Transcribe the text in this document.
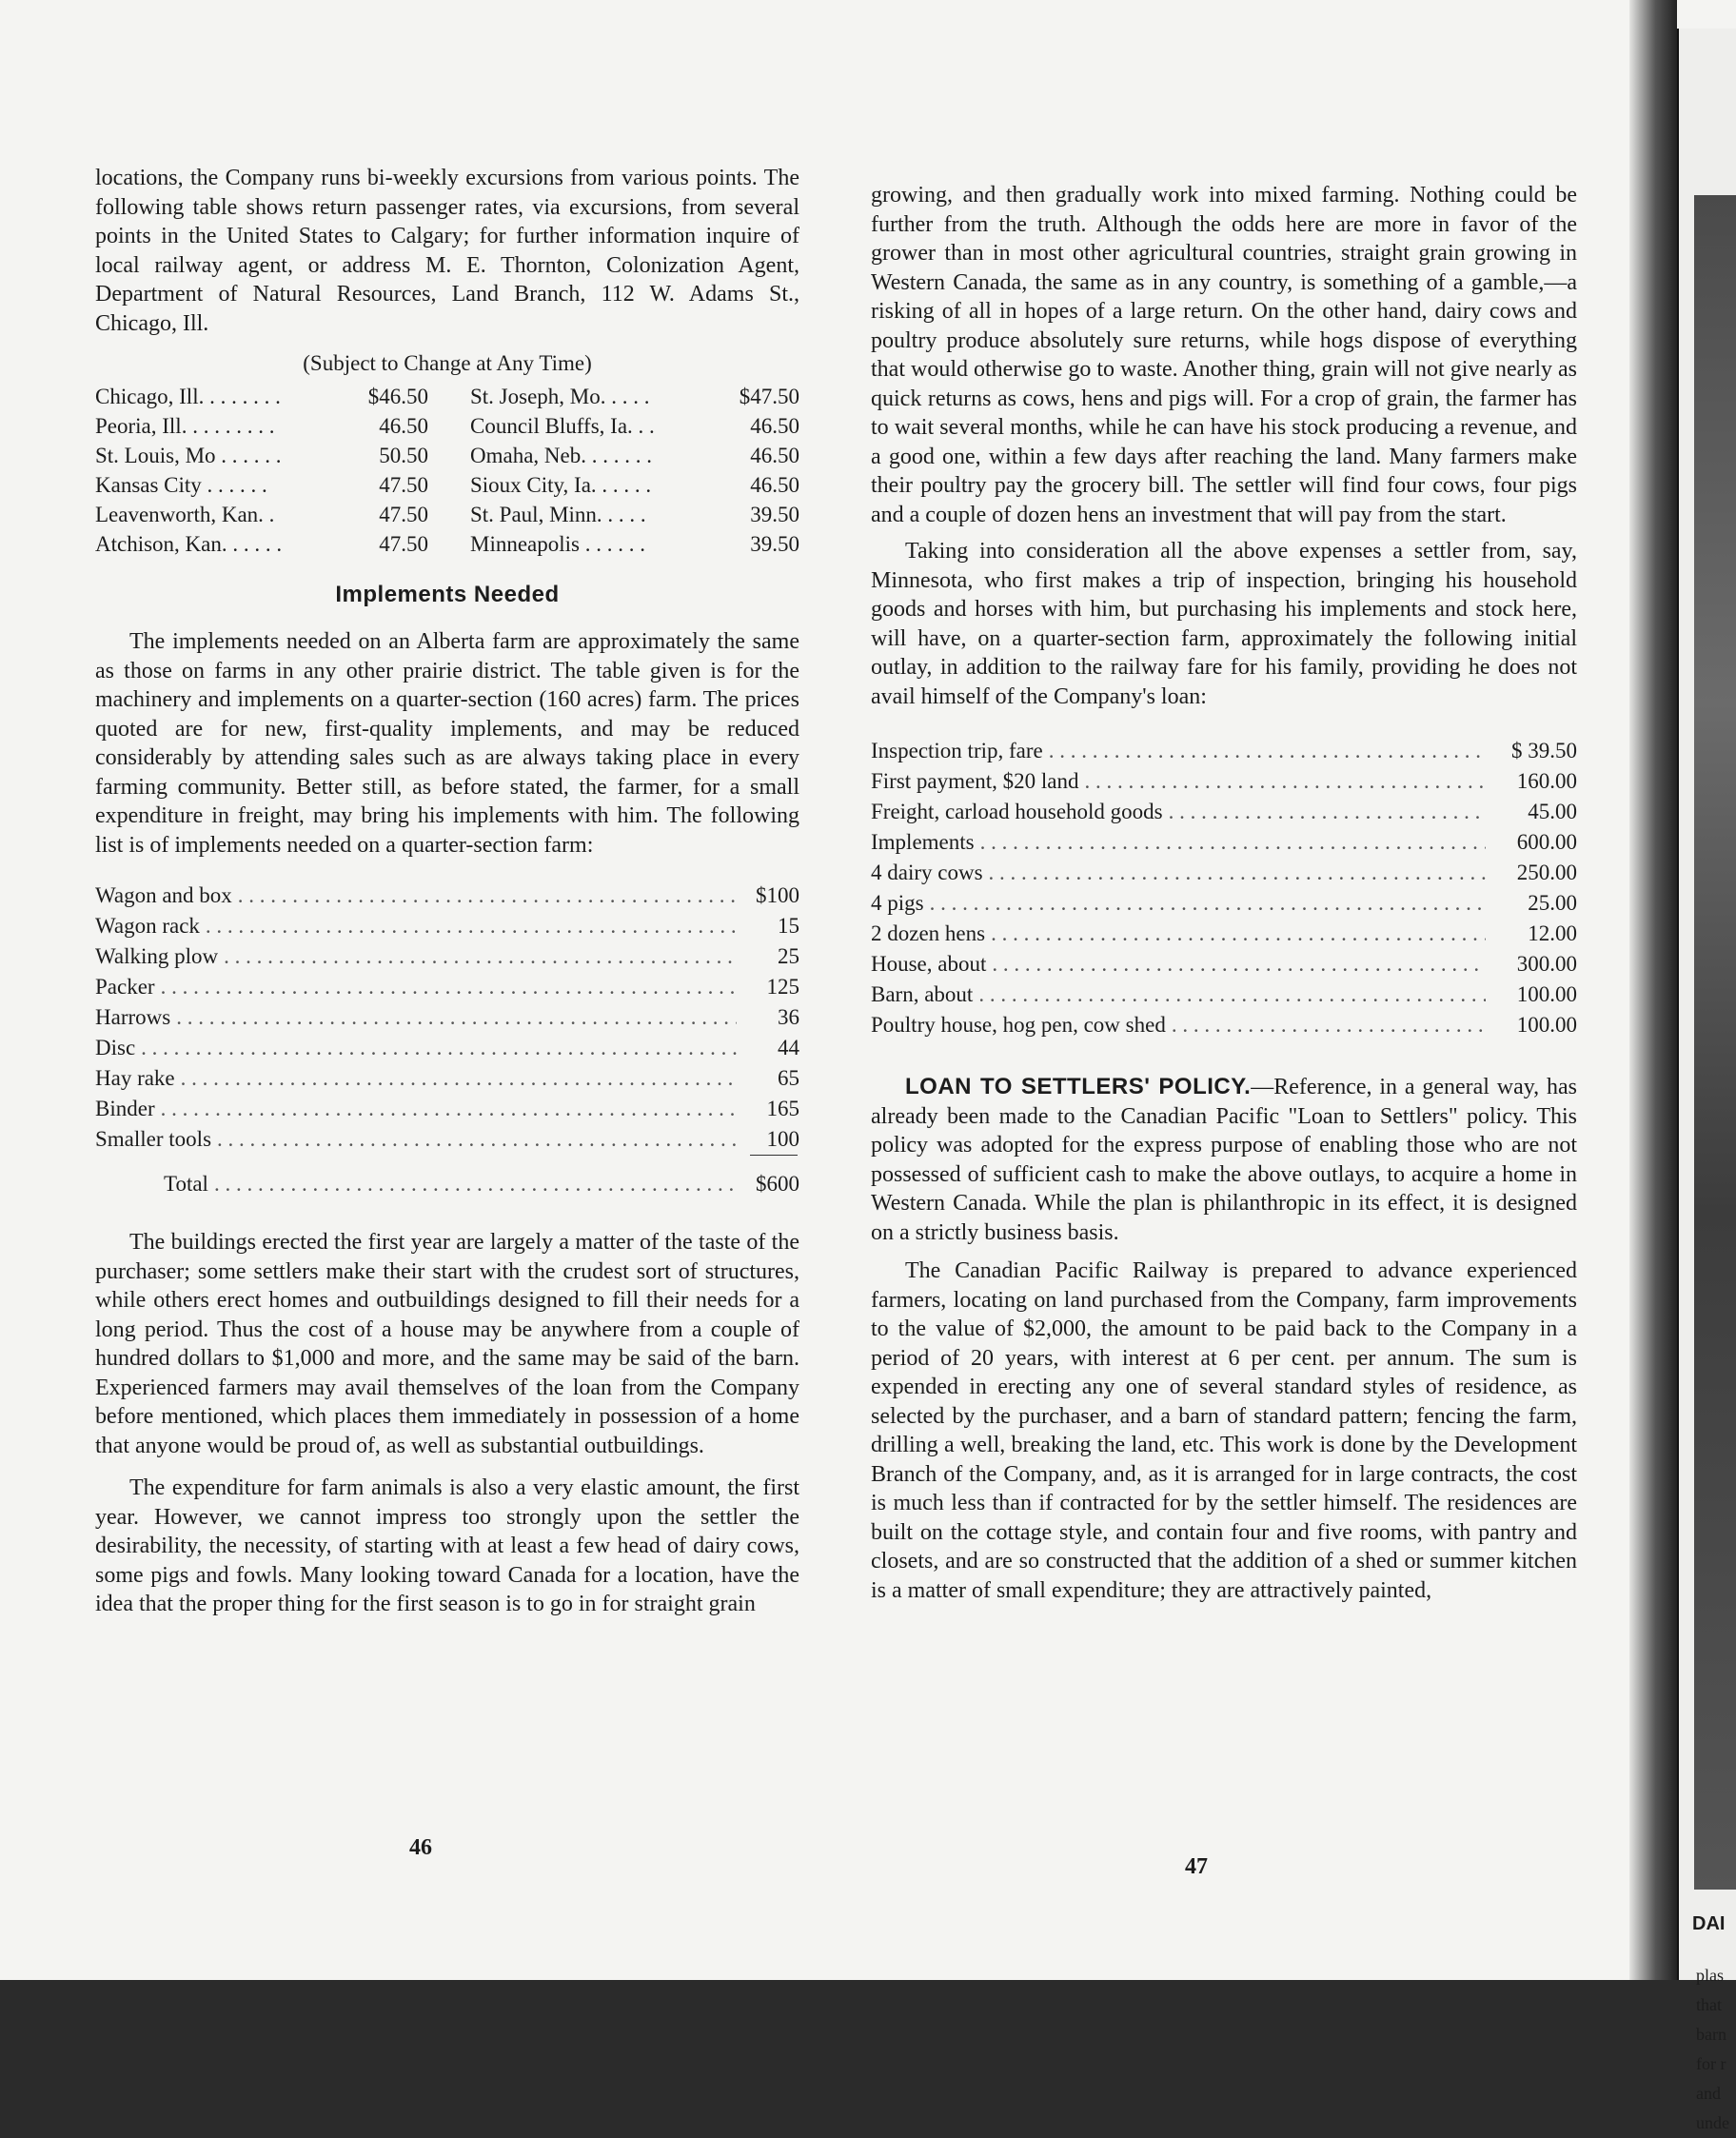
locations, the Company runs bi-weekly excursions from various points. The following table shows return passenger rates, via excursions, from several points in the United States to Calgary; for further information inquire of local railway agent, or address M. E. Thornton, Colonization Agent, Department of Natural Resources, Land Branch, 112 W. Adams St., Chicago, Ill.

(Subject to Change at Any Time)
Chicago, Ill. . . . . . . .	$46.50	St. Joseph, Mo. . . . .	$47.50
Peoria, Ill. . . . . . . . .	46.50	Council Bluffs, Ia. . .	46.50
St. Louis, Mo . . . . . .	50.50	Omaha, Neb. . . . . . .	46.50
Kansas City . . . . . .	47.50	Sioux City, Ia. . . . . .	46.50
Leavenworth, Kan. .	47.50	St. Paul, Minn. . . . .	39.50
Atchison, Kan. . . . . .	47.50	Minneapolis . . . . . .	39.50
Implements Needed

The implements needed on an Alberta farm are approximately the same as those on farms in any other prairie district. The table given is for the machinery and implements on a quarter-section (160 acres) farm. The prices quoted are for new, first-quality implements, and may be reduced considerably by attending sales such as are always taking place in every farming community. Better still, as before stated, the farmer, for a small expenditure in freight, may bring his implements with him. The following list is of implements needed on a quarter-section farm:

Wagon and box . . .	$100
Wagon rack . . .	15
Walking plow . . .	25
Packer . . .	125
Harrows . . .	36
Disc . . .	44
Hay rake . . .	65
Binder . . .	165
Smaller tools . . .	100
Total . . .	$600

The buildings erected the first year are largely a matter of the taste of the purchaser; some settlers make their start with the crudest sort of structures, while others erect homes and outbuildings designed to fill their needs for a long period. Thus the cost of a house may be anywhere from a couple of hundred dollars to $1,000 and more, and the same may be said of the barn. Experienced farmers may avail themselves of the loan from the Company before mentioned, which places them immediately in possession of a home that anyone would be proud of, as well as substantial outbuildings.

The expenditure for farm animals is also a very elastic amount, the first year. However, we cannot impress too strongly upon the settler the desirability, the necessity, of starting with at least a few head of dairy cows, some pigs and fowls. Many looking toward Canada for a location, have the idea that the proper thing for the first season is to go in for straight grain

46

growing, and then gradually work into mixed farming. Nothing could be further from the truth. Although the odds here are more in favor of the grower than in most other agricultural countries, straight grain growing in Western Canada, the same as in any country, is something of a gamble,—a risking of all in hopes of a large return. On the other hand, dairy cows and poultry produce absolutely sure returns, while hogs dispose of everything that would otherwise go to waste. Another thing, grain will not give nearly as quick returns as cows, hens and pigs will. For a crop of grain, the farmer has to wait several months, while he can have his stock producing a revenue, and a good one, within a few days after reaching the land. Many farmers make their poultry pay the grocery bill. The settler will find four cows, four pigs and a couple of dozen hens an investment that will pay from the start.

Taking into consideration all the above expenses a settler from, say, Minnesota, who first makes a trip of inspection, bringing his household goods and horses with him, but purchasing his implements and stock here, will have, on a quarter-section farm, approximately the following initial outlay, in addition to the railway fare for his family, providing he does not avail himself of the Company's loan:

Inspection trip, fare . . .	$ 39.50
First payment, $20 land . . .	160.00
Freight, carload household goods . . .	45.00
Implements . . .	600.00
4 dairy cows . . .	250.00
4 pigs . . .	25.00
2 dozen hens . . .	12.00
House, about . . .	300.00
Barn, about . . .	100.00
Poultry house, hog pen, cow shed . . .	100.00

LOAN TO SETTLERS' POLICY.—Reference, in a general way, has already been made to the Canadian Pacific "Loan to Settlers" policy. This policy was adopted for the express purpose of enabling those who are not possessed of sufficient cash to make the above outlays, to acquire a home in Western Canada. While the plan is philanthropic in its effect, it is designed on a strictly business basis.

The Canadian Pacific Railway is prepared to advance experienced farmers, locating on land purchased from the Company, farm improvements to the value of $2,000, the amount to be paid back to the Company in a period of 20 years, with interest at 6 per cent. per annum. The sum is expended in erecting any one of several standard styles of residence, as selected by the purchaser, and a barn of standard pattern; fencing the farm, drilling a well, breaking the land, etc. This work is done by the Development Branch of the Company, and, as it is arranged for in large contracts, the cost is much less than if contracted for by the settler himself. The residences are built on the cottage style, and contain four and five rooms, with pantry and closets, and are so constructed that the addition of a shed or summer kitchen is a matter of small expenditure; they are attractively painted,

47
DAI
plas
that
barn
for r
and
unde
